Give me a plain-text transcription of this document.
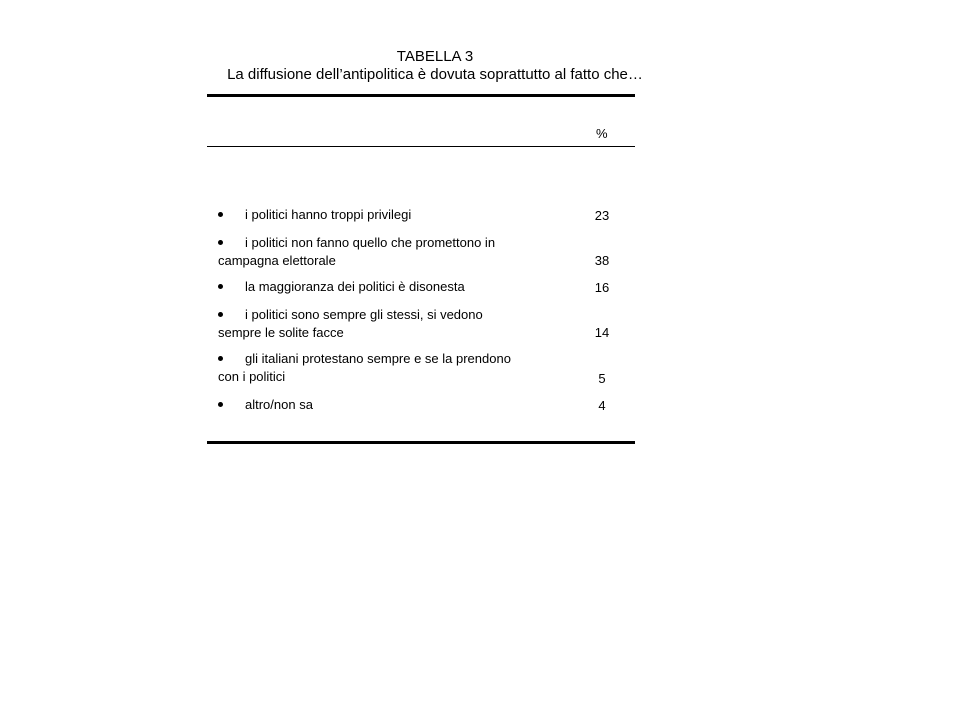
TABELLA 3
La diffusione dell’antipolitica è dovuta soprattutto al fatto che…
%
i politici hanno troppi privilegi	23
i politici non fanno quello che promettono in
campagna elettorale	38
la maggioranza dei politici è disonesta	16
i politici sono sempre gli stessi, si vedono
sempre le solite facce	14
gli italiani protestano sempre e se la prendono
con i politici	5
altro/non sa	4
